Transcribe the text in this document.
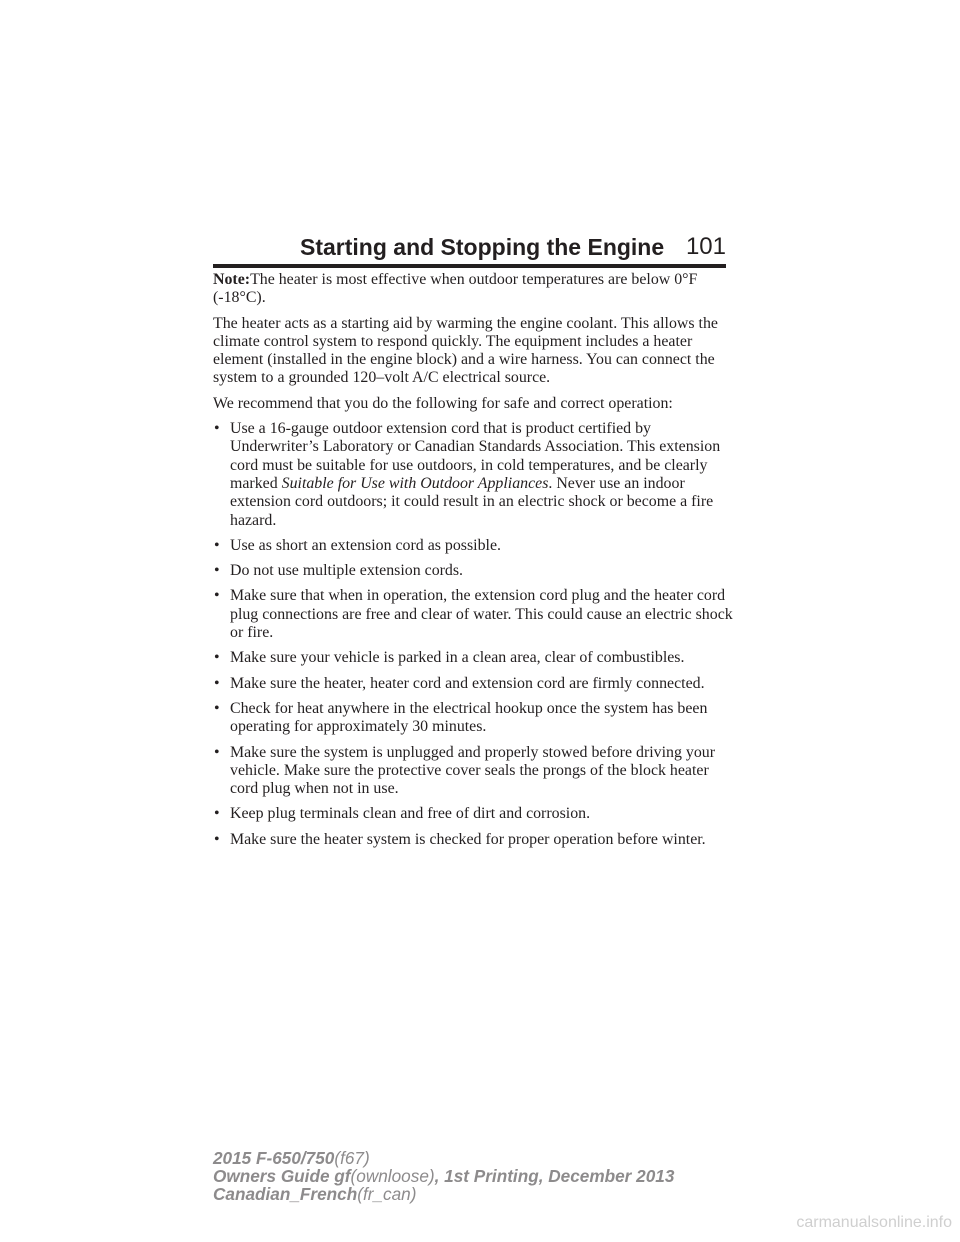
Starting and Stopping the Engine 101

Note:The heater is most effective when outdoor temperatures are below 0°F (-18°C).

The heater acts as a starting aid by warming the engine coolant. This allows the climate control system to respond quickly. The equipment includes a heater element (installed in the engine block) and a wire harness. You can connect the system to a grounded 120–volt A/C electrical source.

We recommend that you do the following for safe and correct operation:

• Use a 16-gauge outdoor extension cord that is product certified by Underwriter’s Laboratory or Canadian Standards Association. This extension cord must be suitable for use outdoors, in cold temperatures, and be clearly marked Suitable for Use with Outdoor Appliances. Never use an indoor extension cord outdoors; it could result in an electric shock or become a fire hazard.
• Use as short an extension cord as possible.
• Do not use multiple extension cords.
• Make sure that when in operation, the extension cord plug and the heater cord plug connections are free and clear of water. This could cause an electric shock or fire.
• Make sure your vehicle is parked in a clean area, clear of combustibles.
• Make sure the heater, heater cord and extension cord are firmly connected.
• Check for heat anywhere in the electrical hookup once the system has been operating for approximately 30 minutes.
• Make sure the system is unplugged and properly stowed before driving your vehicle. Make sure the protective cover seals the prongs of the block heater cord plug when not in use.
• Keep plug terminals clean and free of dirt and corrosion.
• Make sure the heater system is checked for proper operation before winter.
2015 F-650/750(f67)
Owners Guide gf(ownloose), 1st Printing, December 2013
Canadian_French(fr_can)
carmanualsonline.info
